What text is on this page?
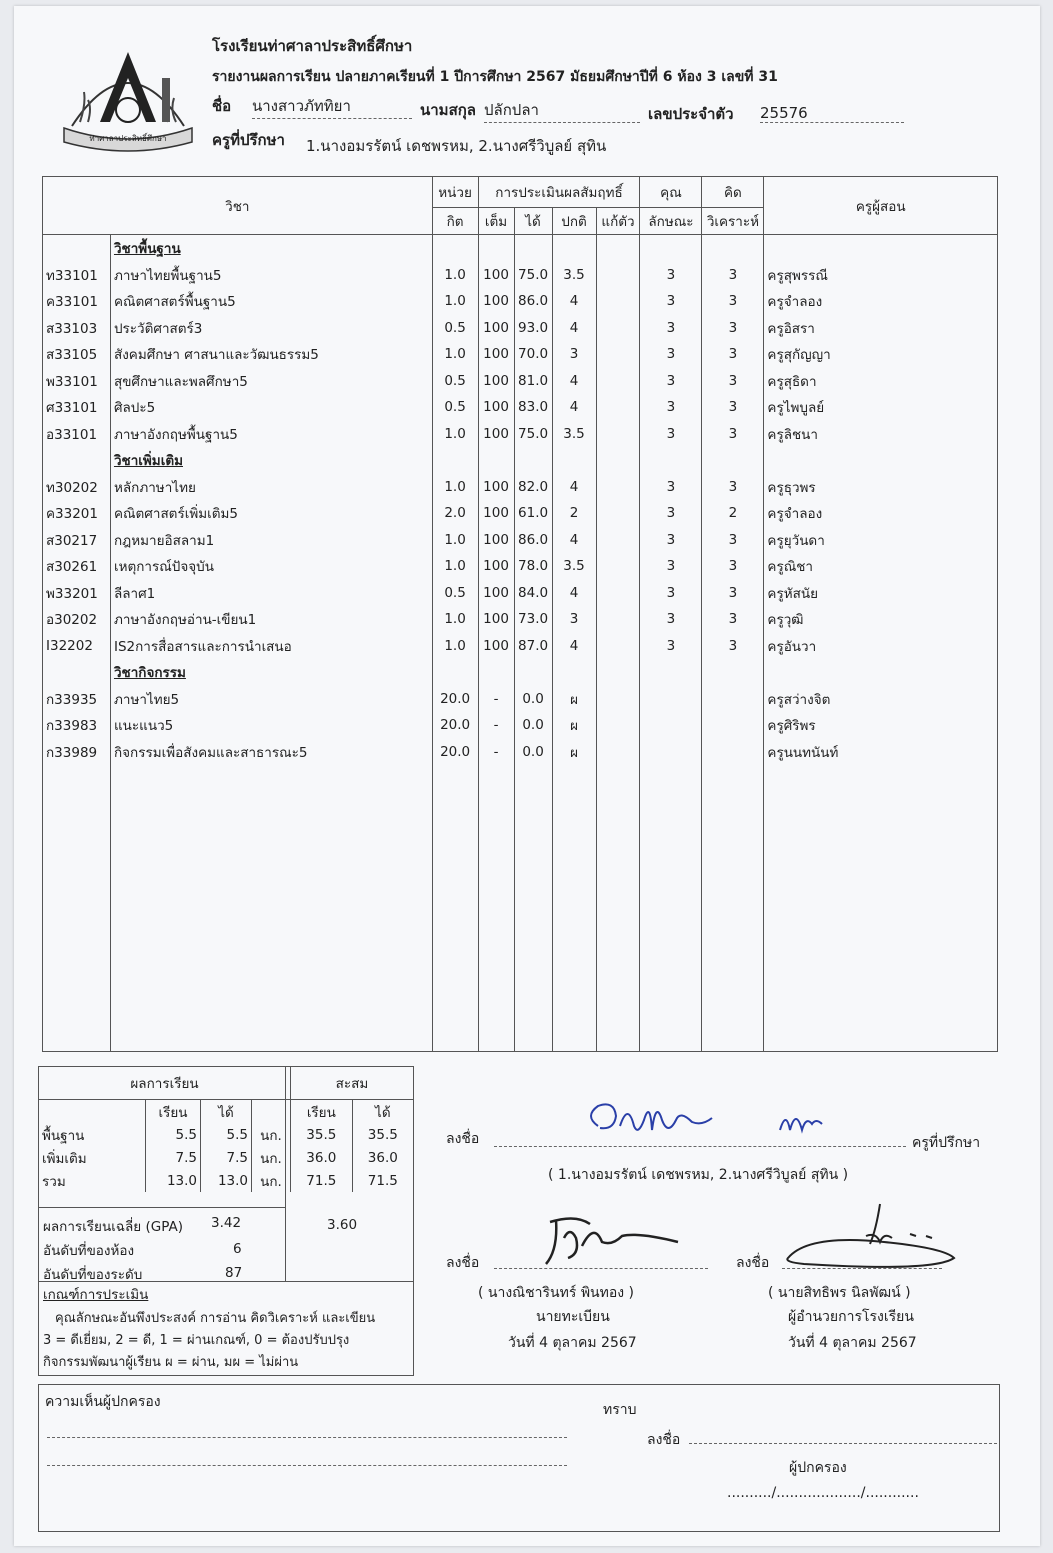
ท่าศาลาประสิทธิ์ศึกษา
โรงเรียนท่าศาลาประสิทธิ์ศึกษา
รายงานผลการเรียน ปลายภาคเรียนที่ 1 ปีการศึกษา 2567 มัธยมศึกษาปีที่ 6 ห้อง 3 เลขที่ 31
ชื่อ นางสาวภัททิยา	นามสกุล ปลักปลา	เลขประจำตัว 25576
ครูที่ปรึกษา 1.นางอมรรัตน์ เดชพรหม, 2.นางศรีวิบูลย์ สุทิน
วิชา		หน่วย	การประเมินผลสัมฤทธิ์				คุณ	คิด	ครูผู้สอน
		กิต	เต็ม	ได้	ปกติ	แก้ตัว	ลักษณะ	วิเคราะห์	
	วิชาพื้นฐาน								
ท33101	ภาษาไทยพื้นฐาน5	1.0	100	75.0	3.5		3	3	ครูสุพรรณี
ค33101	คณิตศาสตร์พื้นฐาน5	1.0	100	86.0	4		3	3	ครูจำลอง
ส33103	ประวัติศาสตร์3	0.5	100	93.0	4		3	3	ครูอิสรา
ส33105	สังคมศึกษา ศาสนาและวัฒนธรรม5	1.0	100	70.0	3		3	3	ครูสุกัญญา
พ33101	สุขศึกษาและพลศึกษา5	0.5	100	81.0	4		3	3	ครูสุธิดา
ศ33101	ศิลปะ5	0.5	100	83.0	4		3	3	ครูไพบูลย์
อ33101	ภาษาอังกฤษพื้นฐาน5	1.0	100	75.0	3.5		3	3	ครูลิชนา
	วิชาเพิ่มเติม								
ท30202	หลักภาษาไทย	1.0	100	82.0	4		3	3	ครูธุวพร
ค33201	คณิตศาสตร์เพิ่มเติม5	2.0	100	61.0	2		3	2	ครูจำลอง
ส30217	กฎหมายอิสลาม1	1.0	100	86.0	4		3	3	ครูยุวันดา
ส30261	เหตุการณ์ปัจจุบัน	1.0	100	78.0	3.5		3	3	ครูณิชา
พ33201	ลีลาศ1	0.5	100	84.0	4		3	3	ครูหัสนัย
อ30202	ภาษาอังกฤษอ่าน-เขียน1	1.0	100	73.0	3		3	3	ครูวุฒิ
I32202	IS2การสื่อสารและการนำเสนอ	1.0	100	87.0	4		3	3	ครูอันวา
	วิชากิจกรรม								
ก33935	ภาษาไทย5	20.0	-	0.0	ผ				ครูสว่างจิต
ก33983	แนะแนว5	20.0	-	0.0	ผ				ครูศิริพร
ก33989	กิจกรรมเพื่อสังคมและสาธารณะ5	20.0	-	0.0	ผ				ครูนนทนันท์

ผลการเรียน				สะสม	
	เรียน	ได้		เรียน	ได้
พื้นฐาน	5.5	5.5	นก.	35.5	35.5
เพิ่มเติม	7.5	7.5	นก.	36.0	36.0
รวม	13.0	13.0	นก.	71.5	71.5
ผลการเรียนเฉลี่ย (GPA) 3.42	3.60
อันดับที่ของห้อง	6
อันดับที่ของระดับ	87
เกณฑ์การประเมิน
คุณลักษณะอันพึงประสงค์ การอ่าน คิดวิเคราะห์ และเขียน
3 = ดีเยี่ยม, 2 = ดี, 1 = ผ่านเกณฑ์, 0 = ต้องปรับปรุง
กิจกรรมพัฒนาผู้เรียน ผ = ผ่าน, มผ = ไม่ผ่าน
ลงชื่อ	ครูที่ปรึกษา
( 1.นางอมรรัตน์ เดชพรหม, 2.นางศรีวิบูลย์ สุทิน )
ลงชื่อ
( นางณิชารินทร์ พินทอง )
นายทะเบียน
วันที่ 4 ตุลาคม 2567
ลงชื่อ
( นายสิทธิพร นิลพัฒน์ )
ผู้อำนวยการโรงเรียน
วันที่ 4 ตุลาคม 2567
ความเห็นผู้ปกครอง	ทราบ
ลงชื่อ
ผู้ปกครอง
........../.................../............
